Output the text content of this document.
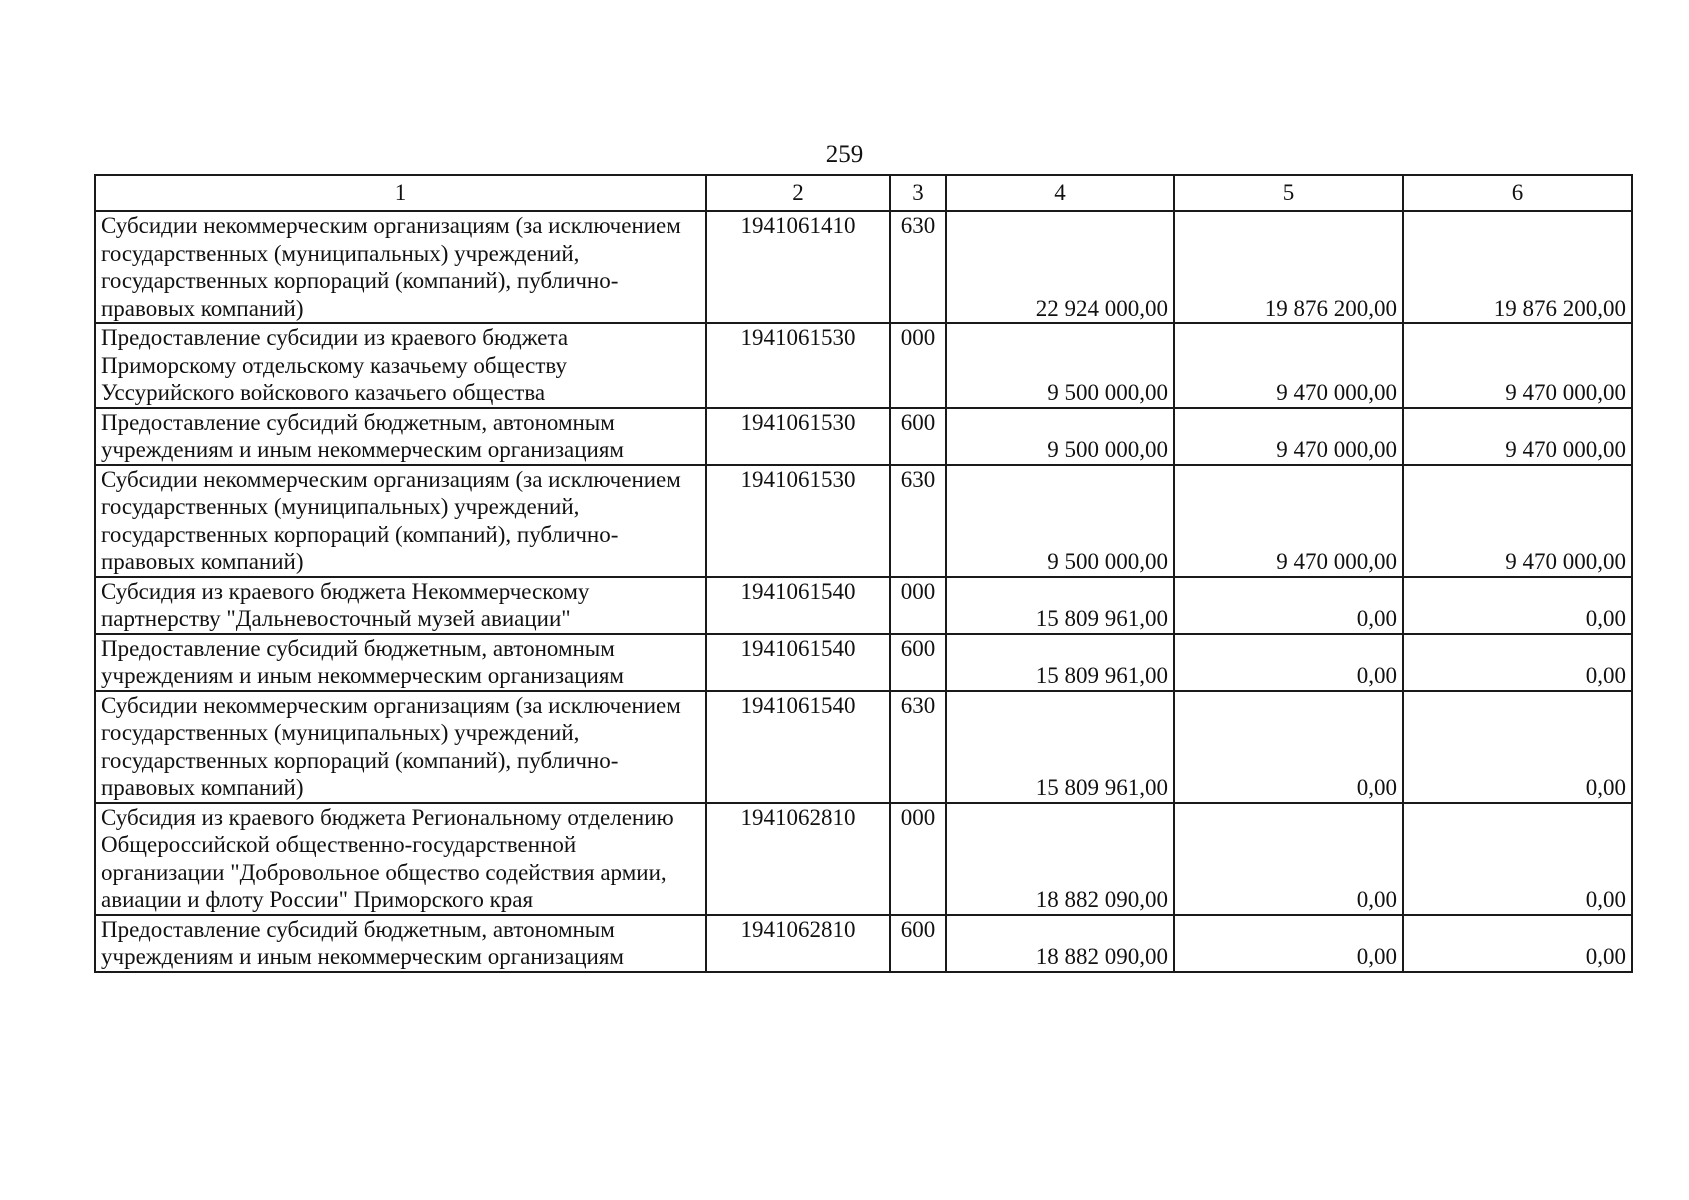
259
1	2	3	4	5	6
Субсидии некоммерческим организациям (за исключением государственных (муниципальных) учреждений, государственных корпораций (компаний), публично-правовых компаний)	1941061410	630	22 924 000,00	19 876 200,00	19 876 200,00
Предоставление субсидии из краевого бюджета Приморскому отдельскому казачьему обществу Уссурийского войскового казачьего общества	1941061530	000	9 500 000,00	9 470 000,00	9 470 000,00
Предоставление субсидий бюджетным, автономным учреждениям и иным некоммерческим организациям	1941061530	600	9 500 000,00	9 470 000,00	9 470 000,00
Субсидии некоммерческим организациям (за исключением государственных (муниципальных) учреждений, государственных корпораций (компаний), публично-правовых компаний)	1941061530	630	9 500 000,00	9 470 000,00	9 470 000,00
Субсидия из краевого бюджета Некоммерческому партнерству "Дальневосточный музей авиации"	1941061540	000	15 809 961,00	0,00	0,00
Предоставление субсидий бюджетным, автономным учреждениям и иным некоммерческим организациям	1941061540	600	15 809 961,00	0,00	0,00
Субсидии некоммерческим организациям (за исключением государственных (муниципальных) учреждений, государственных корпораций (компаний), публично-правовых компаний)	1941061540	630	15 809 961,00	0,00	0,00
Субсидия из краевого бюджета Региональному отделению Общероссийской общественно-государственной организации "Добровольное общество содействия армии, авиации и флоту России" Приморского края	1941062810	000	18 882 090,00	0,00	0,00
Предоставление субсидий бюджетным, автономным учреждениям и иным некоммерческим организациям	1941062810	600	18 882 090,00	0,00	0,00
